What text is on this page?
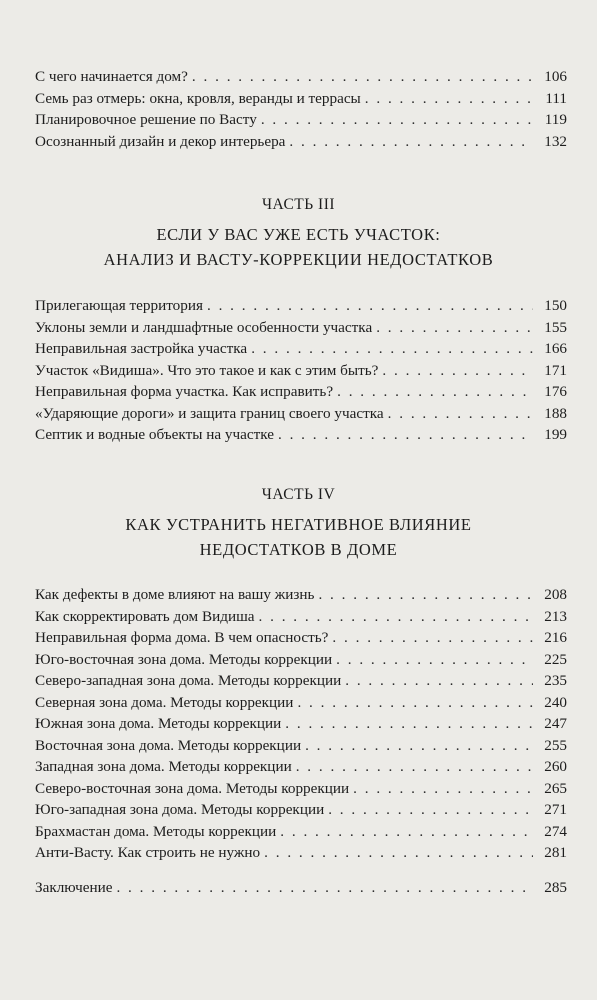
С чего начинается дом? . . .	106
Семь раз отмерь: окна, кровля, веранды и террасы . . .	111
Планировочное решение по Васту . . .	119
Осознанный дизайн и декор интерьера . . .	132
ЧАСТЬ III
ЕСЛИ У ВАС УЖЕ ЕСТЬ УЧАСТОК:
АНАЛИЗ И ВАСТУ-КОРРЕКЦИИ НЕДОСТАТКОВ
Прилегающая территория . . .	150
Уклоны земли и ландшафтные особенности участка . . .	155
Неправильная застройка участка . . .	166
Участок «Видиша». Что это такое и как с этим быть? . . .	171
Неправильная форма участка. Как исправить? . . .	176
«Ударяющие дороги» и защита границ своего участка . . .	188
Септик и водные объекты на участке . . .	199
ЧАСТЬ IV
КАК УСТРАНИТЬ НЕГАТИВНОЕ ВЛИЯНИЕ
НЕДОСТАТКОВ В ДОМЕ
Как дефекты в доме влияют на вашу жизнь . . .	208
Как скорректировать дом Видиша . . .	213
Неправильная форма дома. В чем опасность? . . .	216
Юго-восточная зона дома. Методы коррекции . . .	225
Северо-западная зона дома. Методы коррекции . . .	235
Северная зона дома. Методы коррекции . . .	240
Южная зона дома. Методы коррекции . . .	247
Восточная зона дома. Методы коррекции . . .	255
Западная зона дома. Методы коррекции . . .	260
Северо-восточная зона дома. Методы коррекции . . .	265
Юго-западная зона дома. Методы коррекции . . .	271
Брахмастан дома. Методы коррекции . . .	274
Анти-Васту. Как строить не нужно . . .	281
Заключение . . .	285
